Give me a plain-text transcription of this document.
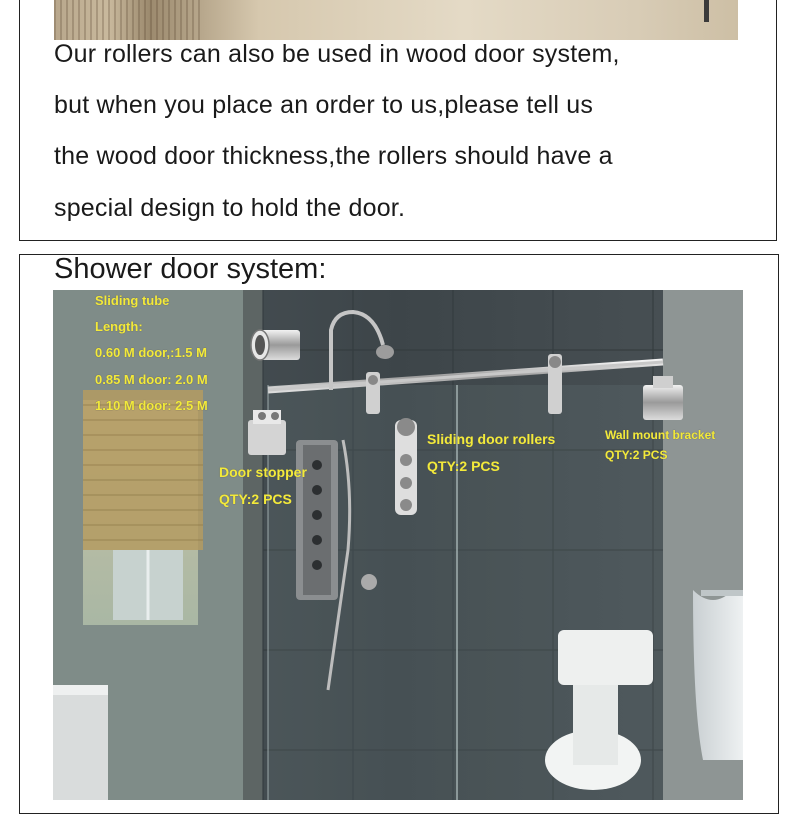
Our rollers can also be used in wood door system,
but when you place an order to us,please tell us
the wood door thickness,the rollers should have a
special design to hold the door.
Shower door system:
Sliding tube
Length:
0.60 M door,:1.5 M
0.85 M door: 2.0 M
1.10 M door: 2.5 M
Door stopper
QTY:2 PCS
Sliding door rollers
QTY:2 PCS
Wall mount bracket
QTY:2 PCS
